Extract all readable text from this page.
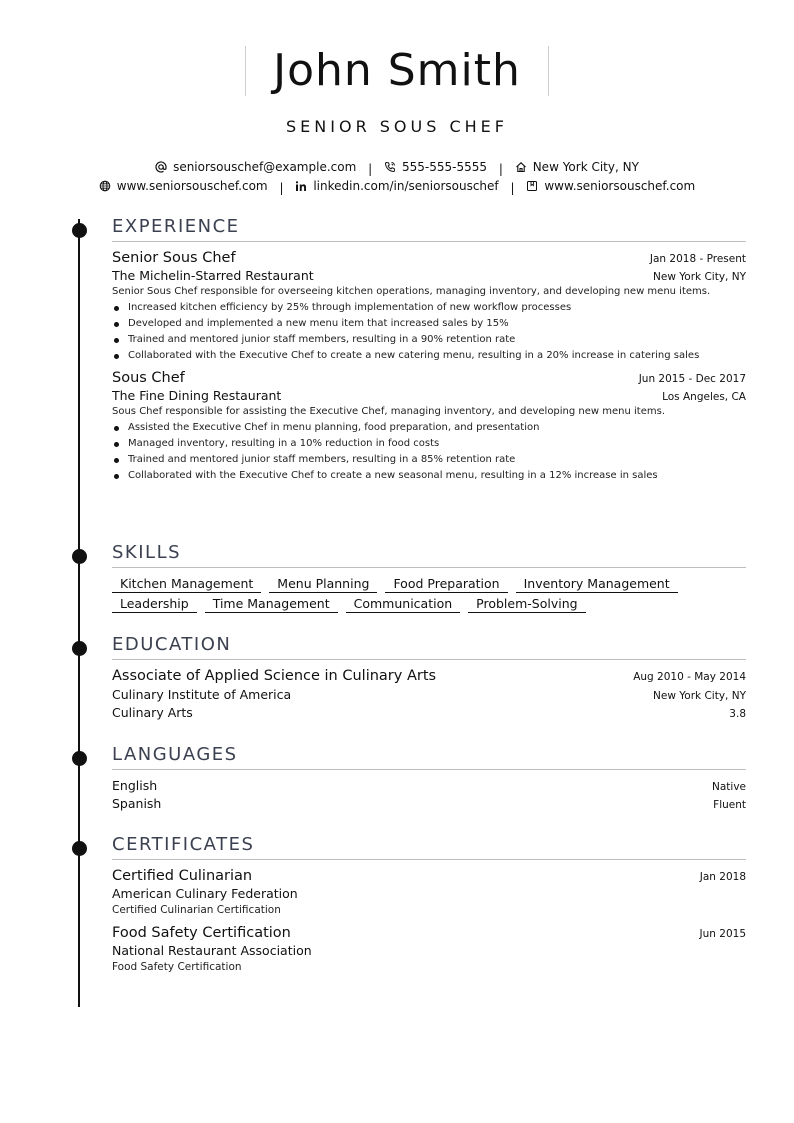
John Smith
SENIOR SOUS CHEF
seniorsouschef@example.com | 555-555-5555 | New York City, NY
www.seniorsouschef.com | linkedin.com/in/seniorsouschef | www.seniorsouschef.com
EXPERIENCE
Senior Sous Chef	Jan 2018 - Present
The Michelin-Starred Restaurant	New York City, NY
Senior Sous Chef responsible for overseeing kitchen operations, managing inventory, and developing new menu items.
Increased kitchen efficiency by 25% through implementation of new workflow processes
Developed and implemented a new menu item that increased sales by 15%
Trained and mentored junior staff members, resulting in a 90% retention rate
Collaborated with the Executive Chef to create a new catering menu, resulting in a 20% increase in catering sales
Sous Chef	Jun 2015 - Dec 2017
The Fine Dining Restaurant	Los Angeles, CA
Sous Chef responsible for assisting the Executive Chef, managing inventory, and developing new menu items.
Assisted the Executive Chef in menu planning, food preparation, and presentation
Managed inventory, resulting in a 10% reduction in food costs
Trained and mentored junior staff members, resulting in a 85% retention rate
Collaborated with the Executive Chef to create a new seasonal menu, resulting in a 12% increase in sales
SKILLS
Kitchen Management	Menu Planning	Food Preparation	Inventory Management
Leadership	Time Management	Communication	Problem-Solving
EDUCATION
Associate of Applied Science in Culinary Arts	Aug 2010 - May 2014
Culinary Institute of America	New York City, NY
Culinary Arts	3.8
LANGUAGES
English	Native
Spanish	Fluent
CERTIFICATES
Certified Culinarian	Jan 2018
American Culinary Federation
Certified Culinarian Certification
Food Safety Certification	Jun 2015
National Restaurant Association
Food Safety Certification
